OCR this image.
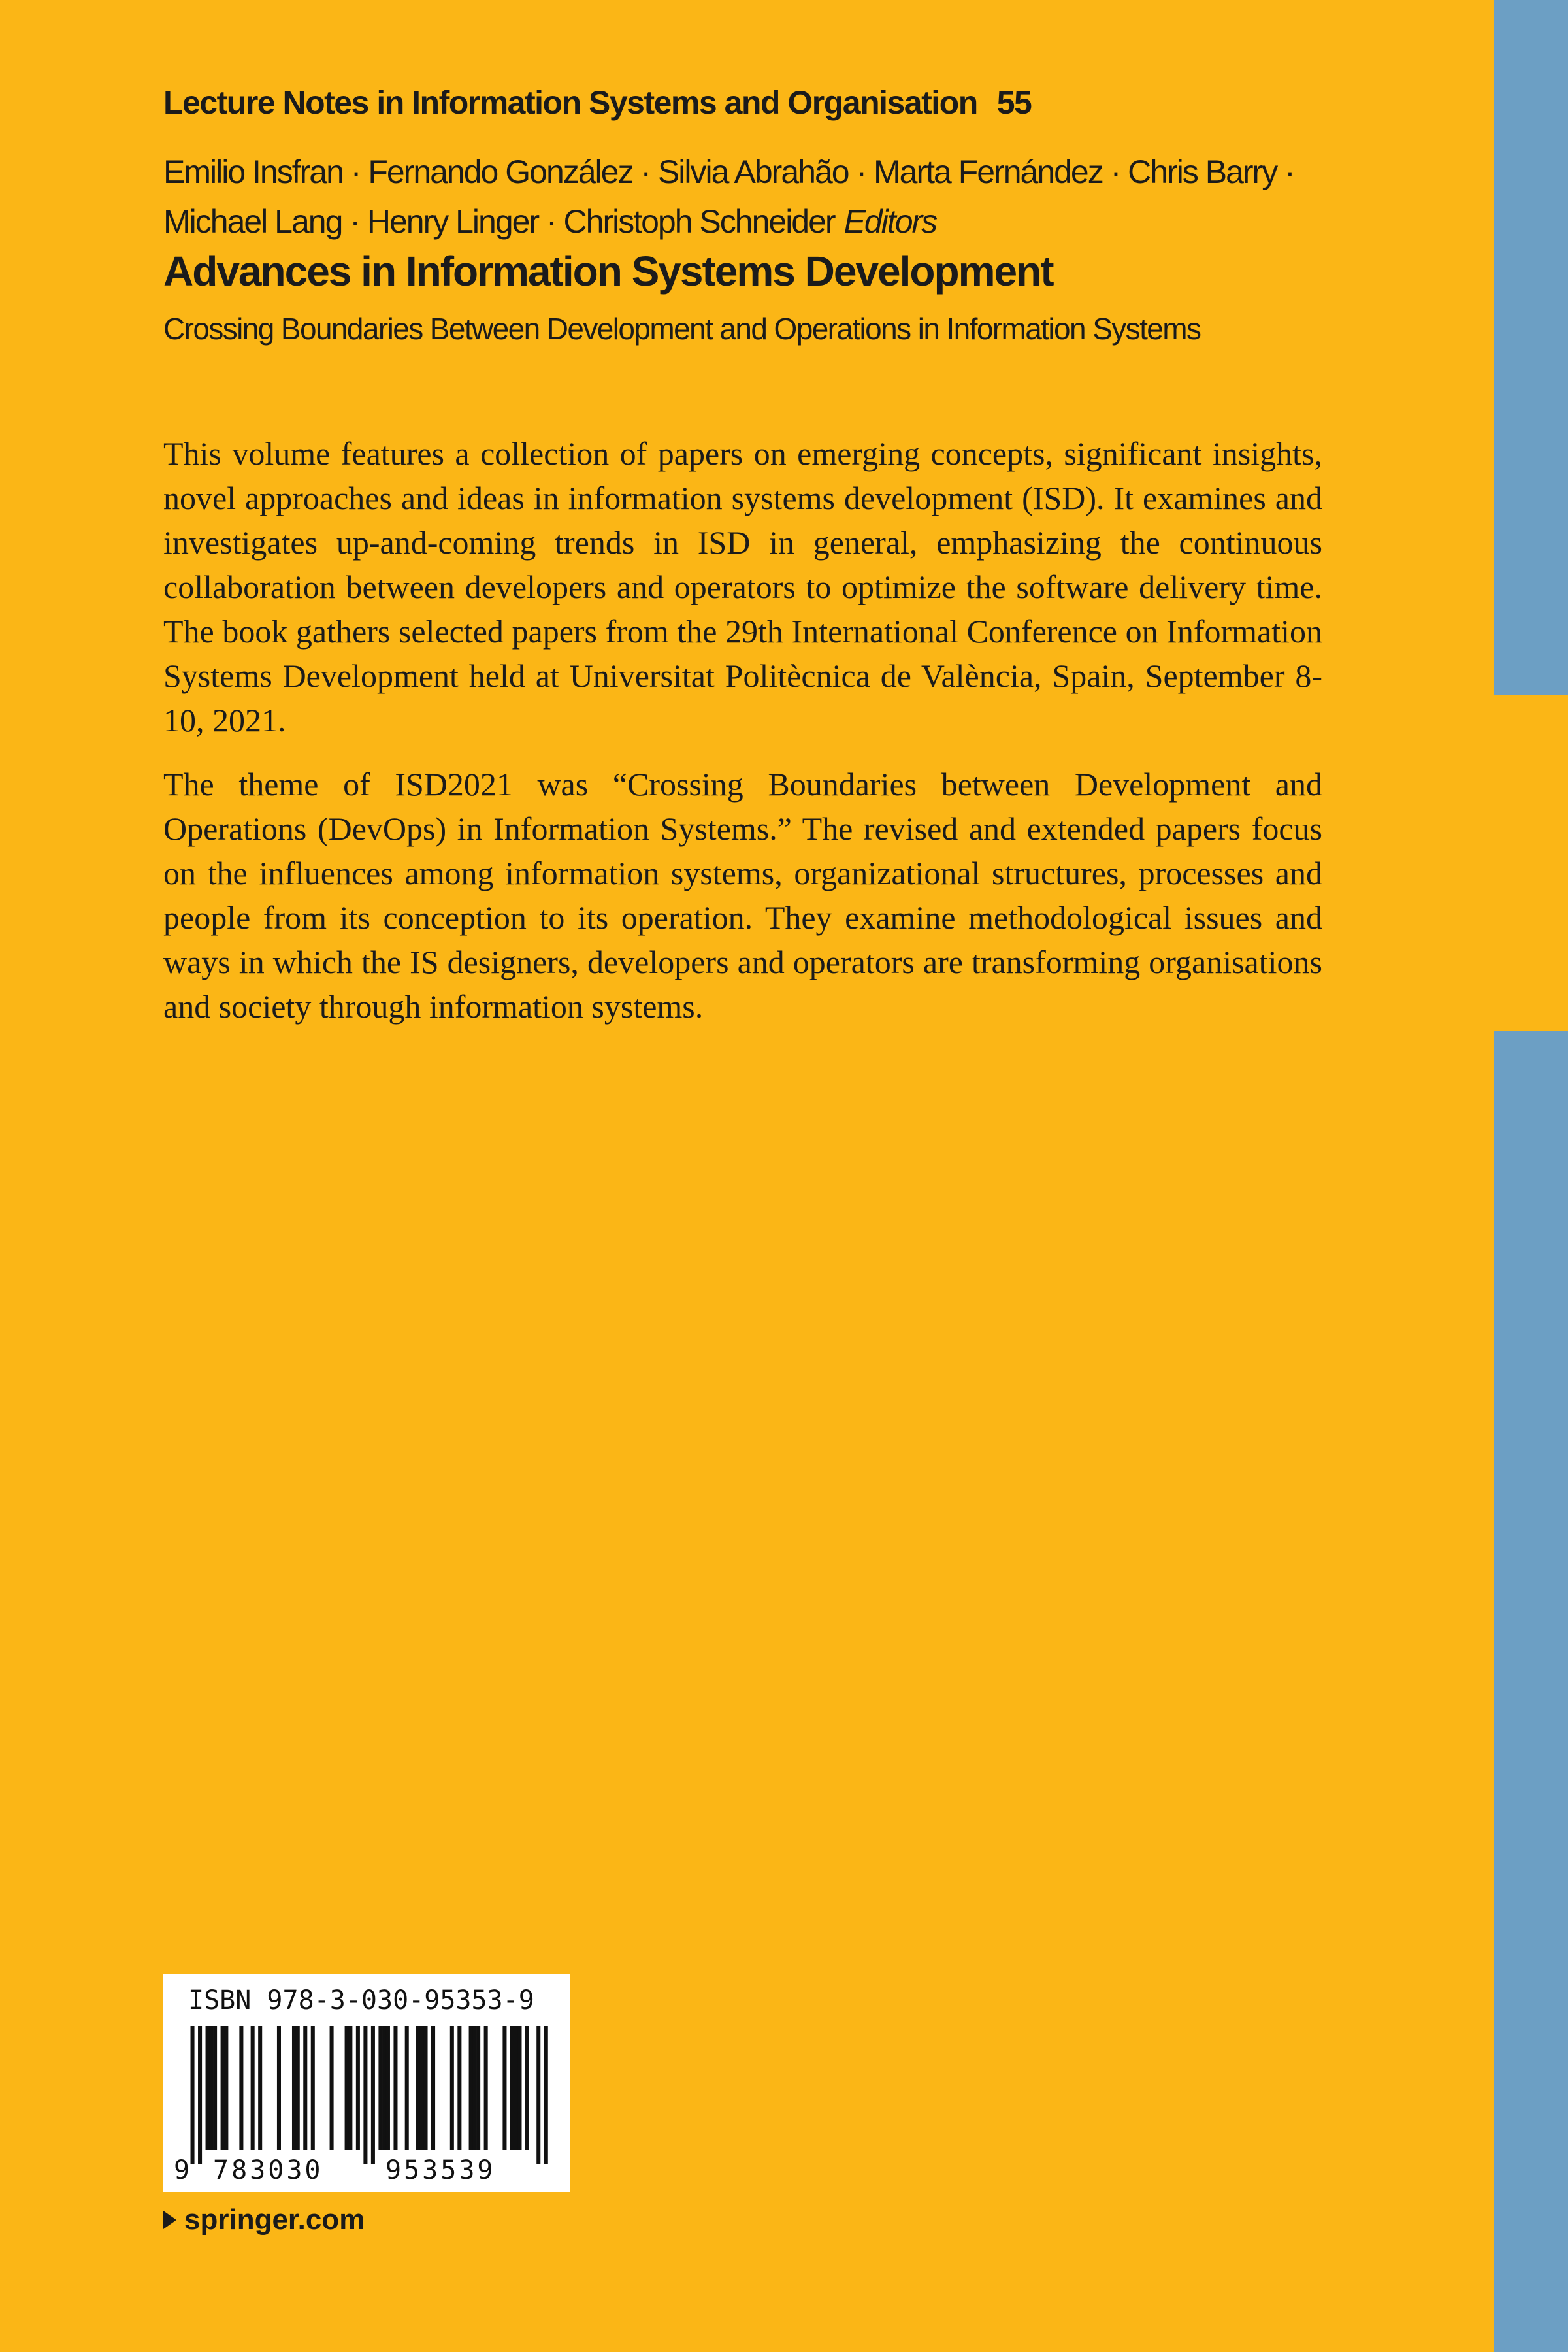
Lecture Notes in Information Systems and Organisation 55
Emilio Insfran · Fernando González · Silvia Abrahão · Marta Fernández · Chris Barry ·
Michael Lang · Henry Linger · Christoph Schneider Editors
Advances in Information Systems Development
Crossing Boundaries Between Development and Operations in Information Systems

This volume features a collection of papers on emerging concepts, significant insights, novel approaches and ideas in information systems development (ISD). It examines and investigates up-and-coming trends in ISD in general, emphasizing the continuous collaboration between developers and operators to optimize the software delivery time. The book gathers selected papers from the 29th International Conference on Information Systems Development held at Universitat Politècnica de València, Spain, September 8-10, 2021.

The theme of ISD2021 was “Crossing Boundaries between Development and Operations (DevOps) in Information Systems.” The revised and extended papers focus on the influences among information systems, organizational structures, processes and people from its conception to its operation. They examine methodological issues and ways in which the IS designers, developers and operators are transforming organisations and society through information systems.

ISBN 978-3-030-95353-9
9 783030 953539
springer.com
